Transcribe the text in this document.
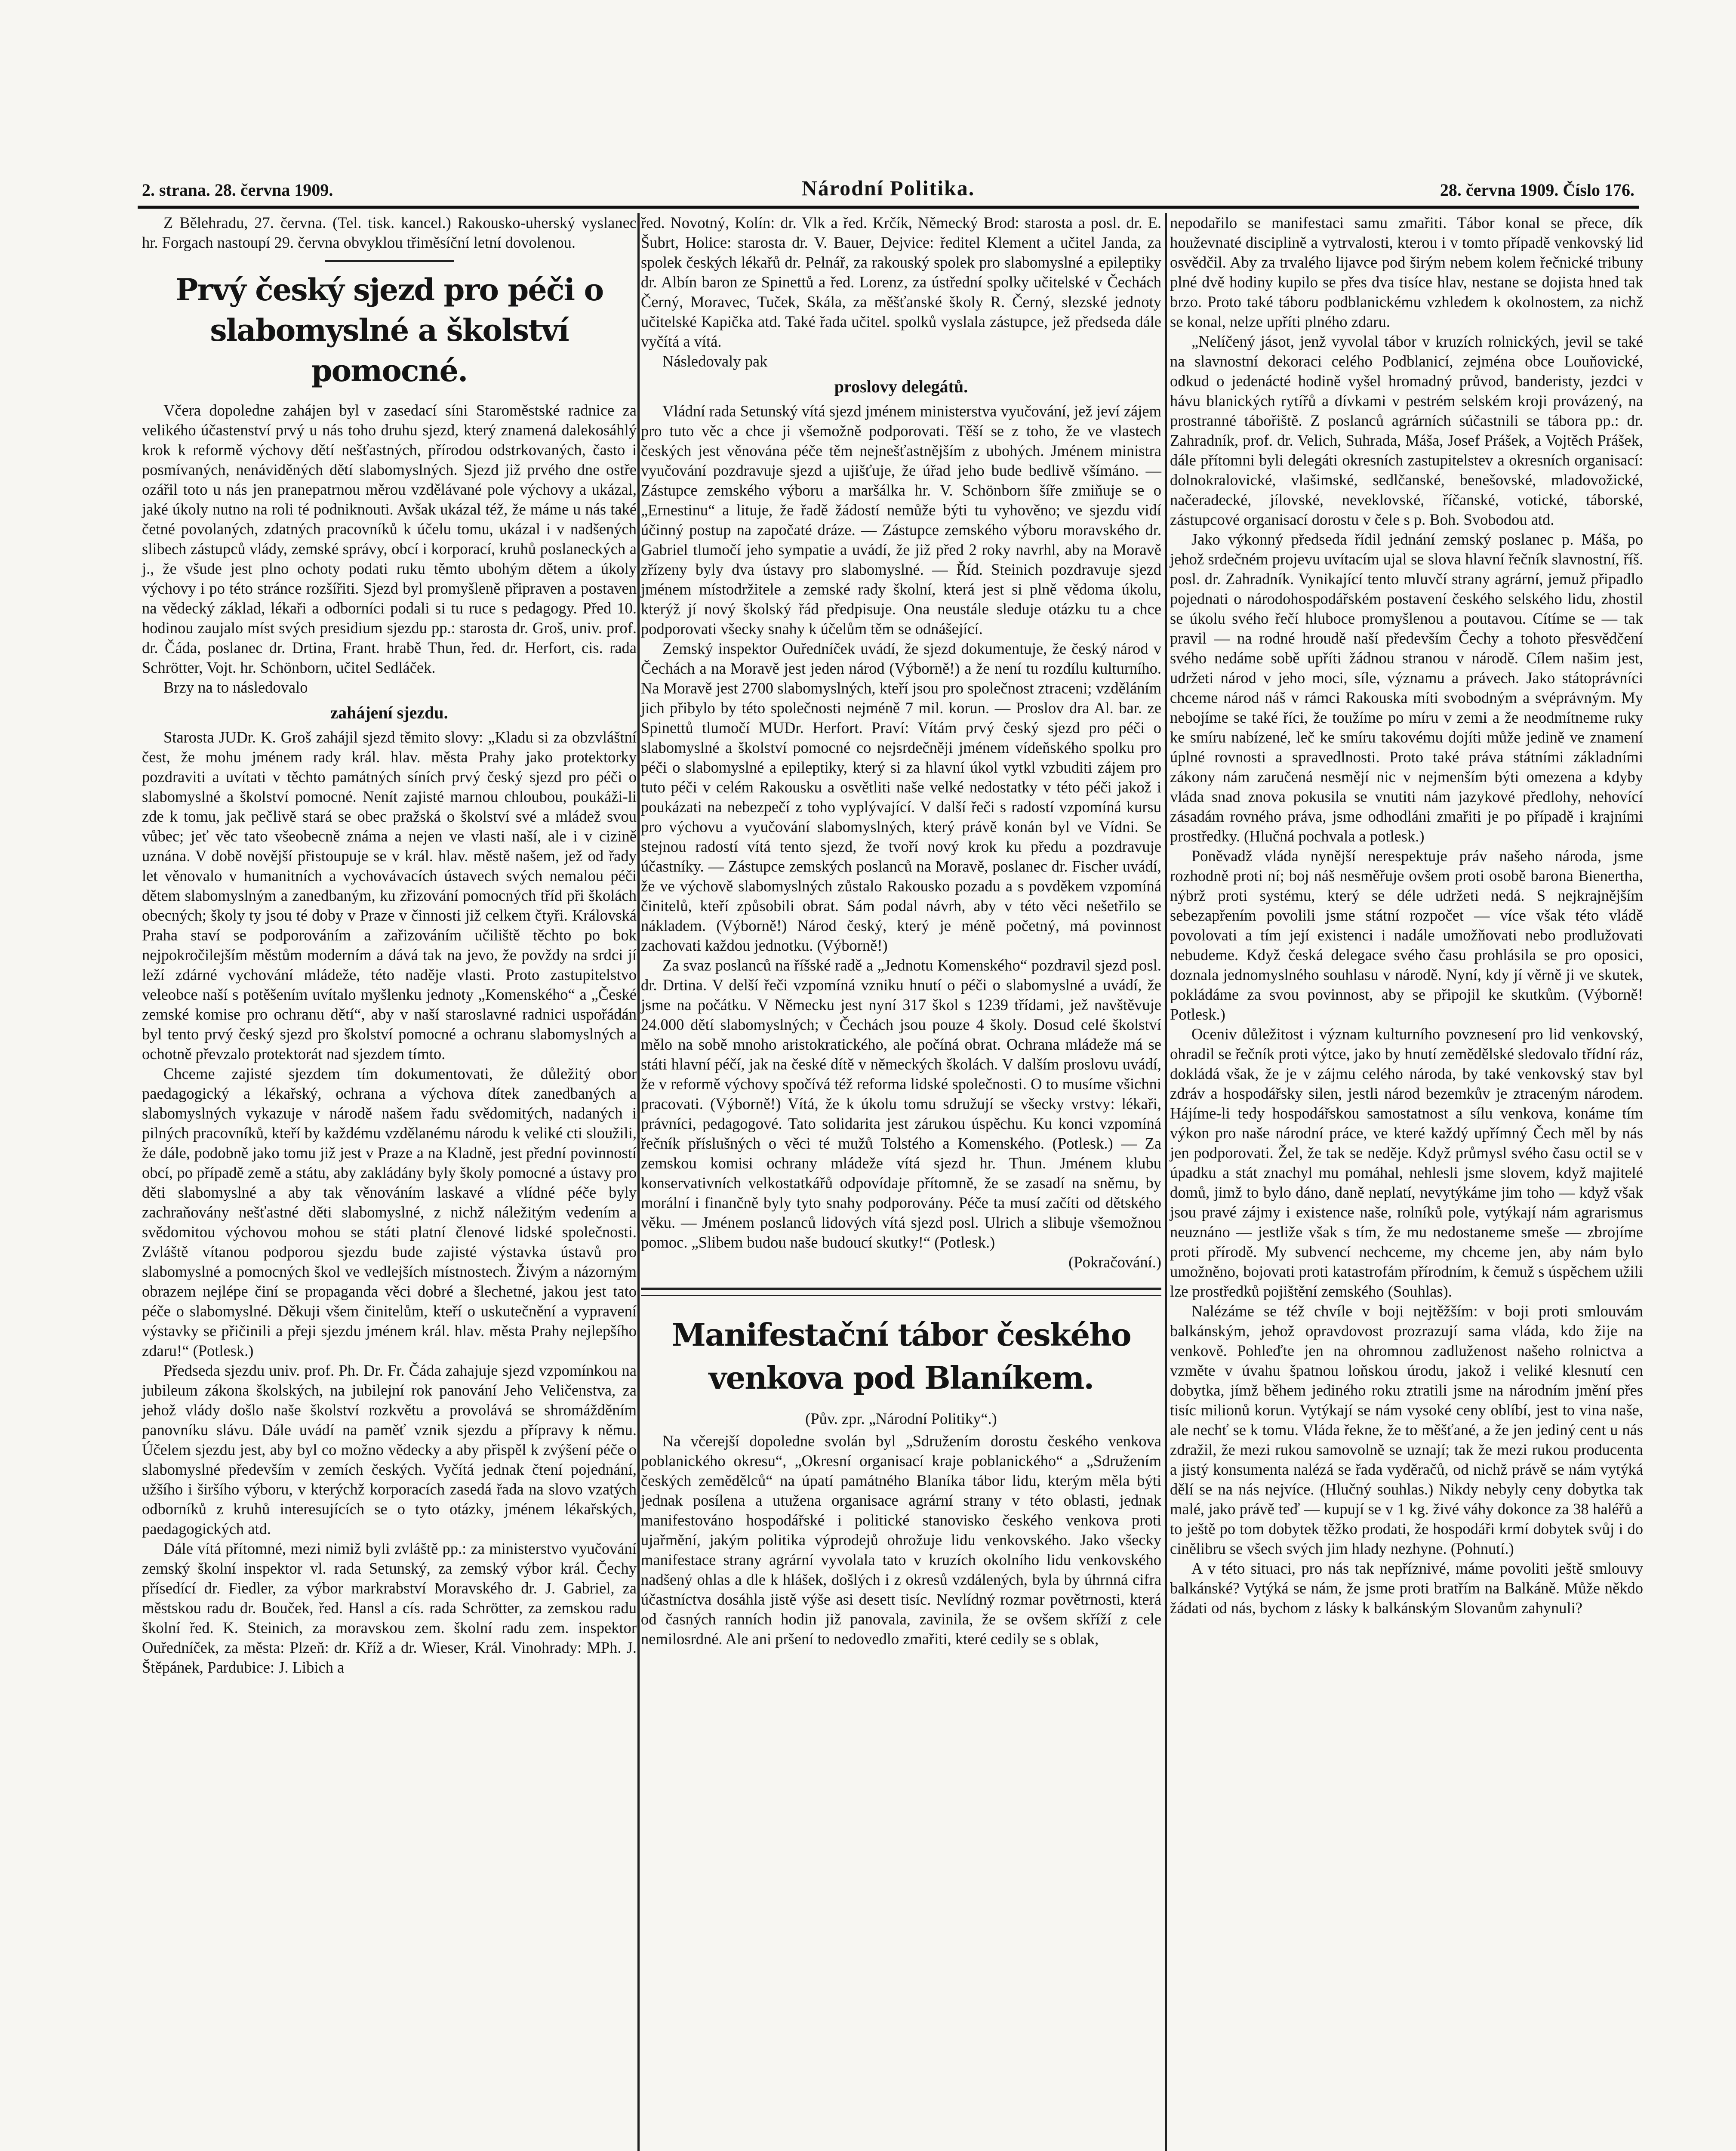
2. strana. 28. června 1909.	Národní Politika.	28. června 1909. Číslo 176.

Z Bělehradu, 27. června. (Tel. tisk. kancel.) Rakousko-uherský vyslanec hr. Forgach nastoupí 29. června obvyklou třiměsíční letní dovolenou.

Prvý český sjezd pro péči o slabomyslné a školství pomocné.

Včera dopoledne zahájen byl v zasedací síni Staroměstské radnice za velikého účastenství prvý u nás toho druhu sjezd, který znamená dalekosáhlý krok k reformě výchovy dětí nešťastných, přírodou odstrkovaných, často i posmívaných, nenáviděných dětí slabomyslných. Sjezd již prvého dne ostře ozářil toto u nás jen pranepatrnou měrou vzdělávané pole výchovy a ukázal, jaké úkoly nutno na roli té podniknouti. Avšak ukázal též, že máme u nás také četné povolaných, zdatných pracovníků k účelu tomu, ukázal i v nadšených slibech zástupců vlády, zemské správy, obcí i korporací, kruhů poslaneckých a j., že všude jest plno ochoty podati ruku těmto ubohým dětem a úkoly výchovy i po této stránce rozšířiti. Sjezd byl promyšleně připraven a postaven na vědecký základ, lékaři a odborníci podali si tu ruce s pedagogy. Před 10. hodinou zaujalo míst svých presidium sjezdu pp.: starosta dr. Groš, univ. prof. dr. Čáda, poslanec dr. Drtina, Frant. hrabě Thun, řed. dr. Herfort, cis. rada Schrötter, Vojt. hr. Schönborn, učitel Sedláček.

Brzy na to následovalo

zahájení sjezdu.

Starosta JUDr. K. Groš zahájil sjezd těmito slovy: „Kladu si za obzvláštní čest, že mohu jménem rady král. hlav. města Prahy jako protektorky pozdraviti a uvítati v těchto památných síních prvý český sjezd pro péči o slabomyslné a školství pomocné. Nenít zajisté marnou chloubou, poukáži-li zde k tomu, jak pečlivě stará se obec pražská o školství své a mládež svou vůbec; jeť věc tato všeobecně známa a nejen ve vlasti naší, ale i v cizině uznána. V době novější přistoupuje se v král. hlav. městě našem, jež od řady let věnovalo v humanitních a vychovávacích ústavech svých nemalou péči dětem slabomyslným a zanedbaným, ku zřizování pomocných tříd při školách obecných; školy ty jsou té doby v Praze v činnosti již celkem čtyři. Královská Praha staví se podporováním a zařizováním učiliště těchto po bok nejpokročilejším městům moderním a dává tak na jevo, že povždy na srdci jí leží zdárné vychování mládeže, této naděje vlasti. Proto zastupitelstvo veleobce naší s potěšením uvítalo myšlenku jednoty „Komenského“ a „České zemské komise pro ochranu dětí“, aby v naší staroslavné radnici uspořádán byl tento prvý český sjezd pro školství pomocné a ochranu slabomyslných a ochotně převzalo protektorát nad sjezdem tímto.

Chceme zajisté sjezdem tím dokumentovati, že důležitý obor paedagogický a lékařský, ochrana a výchova dítek zanedbaných a slabomyslných vykazuje v národě našem řadu svědomitých, nadaných i pilných pracovníků, kteří by každému vzdělanému národu k veliké cti sloužili, že dále, podobně jako tomu již jest v Praze a na Kladně, jest přední povinností obcí, po případě země a státu, aby zakládány byly školy pomocné a ústavy pro děti slabomyslné a aby tak věnováním laskavé a vlídné péče byly zachraňovány nešťastné děti slabomyslné, z nichž náležitým vedením a svědomitou výchovou mohou se státi platní členové lidské společnosti. Zvláště vítanou podporou sjezdu bude zajisté výstavka ústavů pro slabomyslné a pomocných škol ve vedlejších místnostech. Živým a názorným obrazem nejlépe činí se propaganda věci dobré a šlechetné, jakou jest tato péče o slabomyslné. Děkuji všem činitelům, kteří o uskutečnění a vypravení výstavky se přičinili a přeji sjezdu jménem král. hlav. města Prahy nejlepšího zdaru!“ (Potlesk.)

Předseda sjezdu univ. prof. Ph. Dr. Fr. Čáda zahajuje sjezd vzpomínkou na jubileum zákona školských, na jubilejní rok panování Jeho Veličenstva, za jehož vlády došlo naše školství rozkvětu a provolává se shromážděním panovníku slávu. Dále uvádí na paměť vznik sjezdu a přípravy k němu. Účelem sjezdu jest, aby byl co možno vědecky a aby přispěl k zvýšení péče o slabomyslné především v zemích českých. Vyčítá jednak čtení pojednání, užšího i širšího výboru, v kterýchž korporacích zasedá řada na slovo vzatých odborníků z kruhů interesujících se o tyto otázky, jménem lékařských, paedagogických atd.

Dále vítá přítomné, mezi nimiž byli zvláště pp.: za ministerstvo vyučování zemský školní inspektor vl. rada Setunský, za zemský výbor král. Čechy přísedící dr. Fiedler, za výbor markrabství Moravského dr. J. Gabriel, za městskou radu dr. Bouček, řed. Hansl a cís. rada Schrötter, za zemskou radu školní řed. K. Steinich, za moravskou zem. školní radu zem. inspektor Ouředníček, za města: Plzeň: dr. Kříž a dr. Wieser, Král. Vinohrady: MPh. J. Štěpánek, Pardubice: J. Libich a

řed. Novotný, Kolín: dr. Vlk a řed. Krčík, Německý Brod: starosta a posl. dr. E. Šubrt, Holice: starosta dr. V. Bauer, Dejvice: ředitel Klement a učitel Janda, za spolek českých lékařů dr. Pelnář, za rakouský spolek pro slabomyslné a epileptiky dr. Albín baron ze Spinettů a řed. Lorenz, za ústřední spolky učitelské v Čechách Černý, Moravec, Tuček, Skála, za měšťanské školy R. Černý, slezské jednoty učitelské Kapička atd. Také řada učitel. spolků vyslala zástupce, jež předseda dále vyčítá a vítá.

Následovaly pak

proslovy delegátů.

Vládní rada Setunský vítá sjezd jménem ministerstva vyučování, jež jeví zájem pro tuto věc a chce ji všemožně podporovati. Těší se z toho, že ve vlastech českých jest věnována péče těm nejnešťastnějším z ubohých. Jménem ministra vyučování pozdravuje sjezd a ujišťuje, že úřad jeho bude bedlivě všímáno. — Zástupce zemského výboru a maršálka hr. V. Schönborn šíře zmiňuje se o „Ernestinu“ a lituje, že řadě žádostí nemůže býti tu vyhověno; ve sjezdu vidí účinný postup na započaté dráze. — Zástupce zemského výboru moravského dr. Gabriel tlumočí jeho sympatie a uvádí, že již před 2 roky navrhl, aby na Moravě zřízeny byly dva ústavy pro slabomyslné. — Říd. Steinich pozdravuje sjezd jménem místodržitele a zemské rady školní, která jest si plně vědoma úkolu, kterýž jí nový školský řád předpisuje. Ona neustále sleduje otázku tu a chce podporovati všecky snahy k účelům těm se odnášející.

Zemský inspektor Ouředníček uvádí, že sjezd dokumentuje, že český národ v Čechách a na Moravě jest jeden národ (Výborně!) a že není tu rozdílu kulturního. Na Moravě jest 2700 slabomyslných, kteří jsou pro společnost ztraceni; vzděláním jich přibylo by této společnosti nejméně 7 mil. korun. — Proslov dra Al. bar. ze Spinettů tlumočí MUDr. Herfort. Praví: Vítám prvý český sjezd pro péči o slabomyslné a školství pomocné co nejsrdečněji jménem vídeňského spolku pro péči o slabomyslné a epileptiky, který si za hlavní úkol vytkl vzbuditi zájem pro tuto péči v celém Rakousku a osvětliti naše velké nedostatky v této péči jakož i poukázati na nebezpečí z toho vyplývající. V další řeči s radostí vzpomíná kursu pro výchovu a vyučování slabomyslných, který právě konán byl ve Vídni. Se stejnou radostí vítá tento sjezd, že tvoří nový krok ku předu a pozdravuje účastníky. — Zástupce zemských poslanců na Moravě, poslanec dr. Fischer uvádí, že ve výchově slabomyslných zůstalo Rakousko pozadu a s povděkem vzpomíná činitelů, kteří způsobili obrat. Sám podal návrh, aby v této věci nešetřilo se nákladem. (Výborně!) Národ český, který je méně početný, má povinnost zachovati každou jednotku. (Výborně!)

Za svaz poslanců na říšské radě a „Jednotu Komenského“ pozdravil sjezd posl. dr. Drtina. V delší řeči vzpomíná vzniku hnutí o péči o slabomyslné a uvádí, že jsme na počátku. V Německu jest nyní 317 škol s 1239 třídami, jež navštěvuje 24.000 dětí slabomyslných; v Čechách jsou pouze 4 školy. Dosud celé školství mělo na sobě mnoho aristokratického, ale počíná obrat. Ochrana mládeže má se státi hlavní péčí, jak na české dítě v německých školách. V dalším proslovu uvádí, že v reformě výchovy spočívá též reforma lidské společnosti. O to musíme všichni pracovati. (Výborně!) Vítá, že k úkolu tomu sdružují se všecky vrstvy: lékaři, právníci, pedagogové. Tato solidarita jest zárukou úspěchu. Ku konci vzpomíná řečník příslušných o věci té mužů Tolstého a Komenského. (Potlesk.) — Za zemskou komisi ochrany mládeže vítá sjezd hr. Thun. Jménem klubu konservativních velkostatkářů odpovídaje přítomně, že se zasadí na sněmu, by morální i finančně byly tyto snahy podporovány. Péče ta musí začíti od dětského věku. — Jménem poslanců lidových vítá sjezd posl. Ulrich a slibuje všemožnou pomoc. „Slibem budou naše budoucí skutky!“ (Potlesk.)

(Pokračování.)

Manifestační tábor českého venkova pod Blaníkem.

(Pův. zpr. „Národní Politiky“.)

Na včerejší dopoledne svolán byl „Sdružením dorostu českého venkova poblanického okresu“, „Okresní organisací kraje poblanického“ a „Sdružením českých zemědělců“ na úpatí památného Blaníka tábor lidu, kterým měla býti jednak posílena a utužena organisace agrární strany v této oblasti, jednak manifestováno hospodářské i politické stanovisko českého venkova proti ujařmění, jakým politika výprodejů ohrožuje lidu venkovského. Jako všecky manifestace strany agrární vyvolala tato v kruzích okolního lidu venkovského nadšený ohlas a dle k hlášek, došlých i z okresů vzdálených, byla by úhrnná cifra účastníctva dosáhla jistě výše asi desett tisíc. Nevlídný rozmar povětrnosti, která od časných ranních hodin již panovala, zavinila, že se ovšem skříží z cele nemilosrdné. Ale ani pršení to nedovedlo zmařiti, které cedily se s oblak,

nepodařilo se manifestaci samu zmařiti. Tábor konal se přece, dík houževnaté disciplině a vytrvalosti, kterou i v tomto případě venkovský lid osvědčil. Aby za trvalého lijavce pod širým nebem kolem řečnické tribuny plné dvě hodiny kupilo se přes dva tisíce hlav, nestane se dojista hned tak brzo. Proto také táboru podblanickému vzhledem k okolnostem, za nichž se konal, nelze upříti plného zdaru.

„Nelíčený jásot, jenž vyvolal tábor v kruzích rolnických, jevil se také na slavnostní dekoraci celého Podblanicí, zejména obce Louňovické, odkud o jedenácté hodině vyšel hromadný průvod, banderisty, jezdci v hávu blanických rytířů a dívkami v pestrém selském kroji provázený, na prostranné tábořiště. Z poslanců agrárních súčastnili se tábora pp.: dr. Zahradník, prof. dr. Velich, Suhrada, Máša, Josef Prášek, a Vojtěch Prášek, dále přítomni byli delegáti okresních zastupitelstev a okresních organisací: dolnokralovické, vlašimské, sedlčanské, benešovské, mladovožické, načeradecké, jílovské, neveklovské, říčanské, votické, táborské, zástupcové organisací dorostu v čele s p. Boh. Svobodou atd.

Jako výkonný předseda řídil jednání zemský poslanec p. Máša, po jehož srdečném projevu uvítacím ujal se slova hlavní řečník slavnostní, říš. posl. dr. Zahradník. Vynikající tento mluvčí strany agrární, jemuž připadlo pojednati o národohospodářském postavení českého selského lidu, zhostil se úkolu svého řečí hluboce promyšlenou a poutavou. Cítíme se — tak pravil — na rodné hroudě naší především Čechy a tohoto přesvědčení svého nedáme sobě upříti žádnou stranou v národě. Cílem našim jest, udržeti národ v jeho moci, síle, významu a právech. Jako státoprávníci chceme národ náš v rámci Rakouska míti svobodným a svéprávným. My nebojíme se také říci, že toužíme po míru v zemi a že neodmítneme ruky ke smíru nabízené, leč ke smíru takovému dojíti může jedině ve znamení úplné rovnosti a spravedlnosti. Proto také práva státními základními zákony nám zaručená nesmějí nic v nejmenším býti omezena a kdyby vláda snad znova pokusila se vnutiti nám jazykové předlohy, nehovící zásadám rovného práva, jsme odhodláni zmařiti je po případě i krajními prostředky. (Hlučná pochvala a potlesk.)

Poněvadž vláda nynější nerespektuje práv našeho národa, jsme rozhodně proti ní; boj náš nesměřuje ovšem proti osobě barona Bienertha, nýbrž proti systému, který se déle udržeti nedá. S nejkrajnějším sebezapřením povolili jsme státní rozpočet — více však této vládě povolovati a tím její existenci i nadále umožňovati nebo prodlužovati nebudeme. Když česká delegace svého času prohlásila se pro oposici, doznala jednomyslného souhlasu v národě. Nyní, kdy jí věrně ji ve skutek, pokládáme za svou povinnost, aby se připojil ke skutkům. (Výborně! Potlesk.)

Oceniv důležitost i význam kulturního povznesení pro lid venkovský, ohradil se řečník proti výtce, jako by hnutí zemědělské sledovalo třídní ráz, dokládá však, že je v zájmu celého národa, by také venkovský stav byl zdráv a hospodářsky silen, jestli národ bezemkův je ztraceným národem. Hájíme-li tedy hospodářskou samostatnost a sílu venkova, konáme tím výkon pro naše národní práce, ve které každý upřímný Čech měl by nás jen podporovati. Žel, že tak se neděje. Když průmysl svého času octil se v úpadku a stát znachyl mu pomáhal, nehlesli jsme slovem, když majitelé domů, jimž to bylo dáno, daně neplatí, nevytýkáme jim toho — když však jsou pravé zájmy i existence naše, rolníků pole, vytýkají nám agrarismus neuznáno — jestliže však s tím, že mu nedostaneme smeše — zbrojíme proti přírodě. My subvencí nechceme, my chceme jen, aby nám bylo umožněno, bojovati proti katastrofám přírodním, k čemuž s úspěchem užili lze prostředků pojištění zemského (Souhlas).

Nalézáme se též chvíle v boji nejtěžším: v boji proti smlouvám balkánským, jehož opravdovost prozrazují sama vláda, kdo žije na venkově. Pohleďte jen na ohromnou zadluženost našeho rolnictva a vzměte v úvahu špatnou loňskou úrodu, jakož i veliké klesnutí cen dobytka, jímž během jediného roku ztratili jsme na národním jmění přes tisíc milionů korun. Vytýkají se nám vysoké ceny oblíbí, jest to vina naše, ale nechť se k tomu. Vláda řekne, že to měšťané, a že jen jediný cent u nás zdražil, že mezi rukou samovolně se uznají; tak že mezi rukou producenta a jistý konsumenta nalézá se řada vyděračů, od nichž právě se nám vytýká dělí se na nás nejvíce. (Hlučný souhlas.) Nikdy nebyly ceny dobytka tak malé, jako právě teď — kupují se v 1 kg. živé váhy dokonce za 38 haléřů a to ještě po tom dobytek těžko prodati, že hospodáři krmí dobytek svůj i do cinělibru se všech svých jim hlady nezhyne. (Pohnutí.)

A v této situaci, pro nás tak nepříznivé, máme povoliti ještě smlouvy balkánské? Vytýká se nám, že jsme proti bratřím na Balkáně. Může někdo žádati od nás, bychom z lásky k balkánským Slovanům zahynuli?
